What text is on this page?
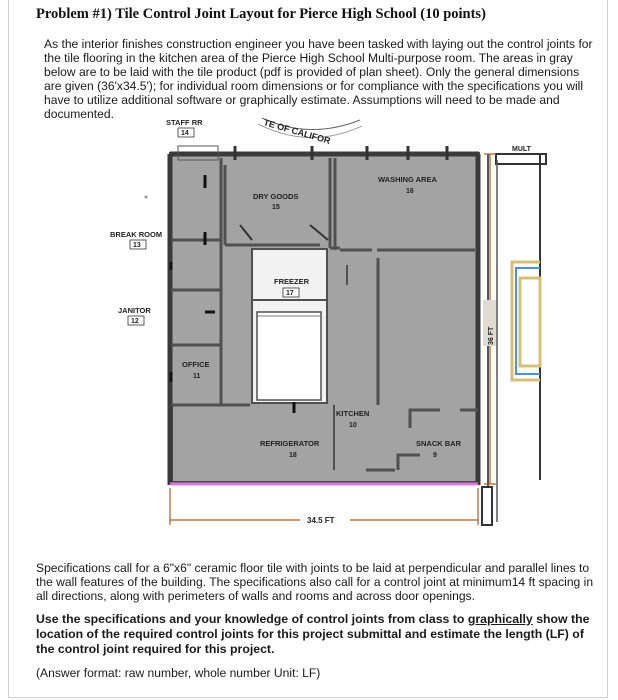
Problem #1) Tile Control Joint Layout for Pierce High School (10 points)
As the interior finishes construction engineer you have been tasked with laying out the control joints for the tile flooring in the kitchen area of the Pierce High School Multi-purpose room. The areas in gray below are to be laid with the tile product (pdf is provided of plan sheet). Only the general dimensions are given (36'x34.5'); for individual room dimensions or for compliance with the specifications you will have to utilize additional software or graphically estimate. Assumptions will need to be made and documented.
TE OF CALIFOR
MULT
STAFF RR
14
BREAK ROOM
13
JANITOR
12
DRY GOODS
15
WASHING AREA
16
FREEZER
17
OFFICE
11
KITCHEN
10
REFRIGERATOR
18
SNACK BAR
9
34.5 FT
36 FT
Specifications call for a 6"x6" ceramic floor tile with joints to be laid at perpendicular and parallel lines to the wall features of the building. The specifications also call for a control joint at minimum14 ft spacing in all directions, along with perimeters of walls and rooms and across door openings.
Use the specifications and your knowledge of control joints from class to graphically show the location of the required control joints for this project submittal and estimate the length (LF) of the control joint required for this project.
(Answer format: raw number, whole number Unit: LF)
